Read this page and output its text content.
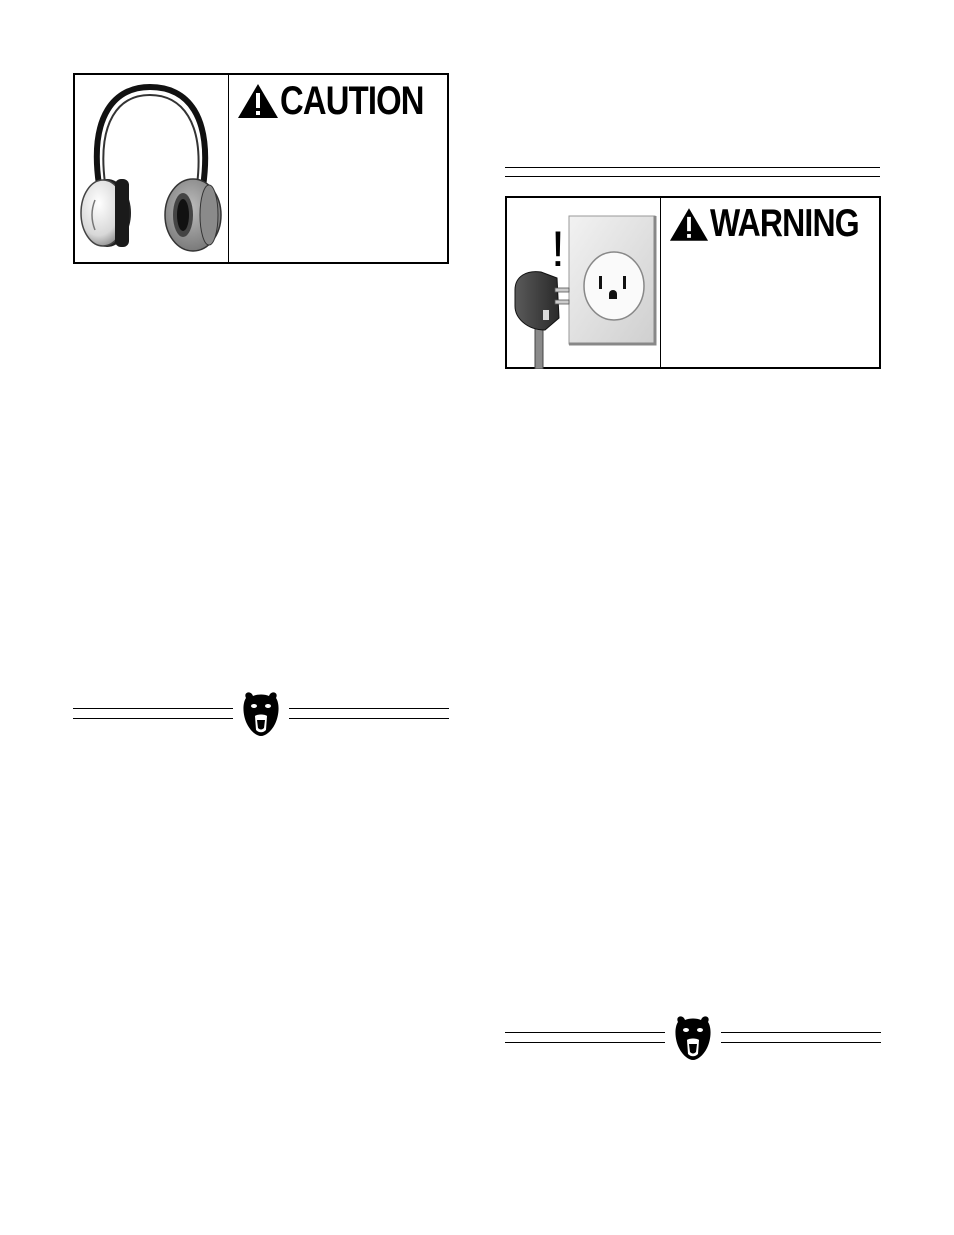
CAUTION
!	WARNING
